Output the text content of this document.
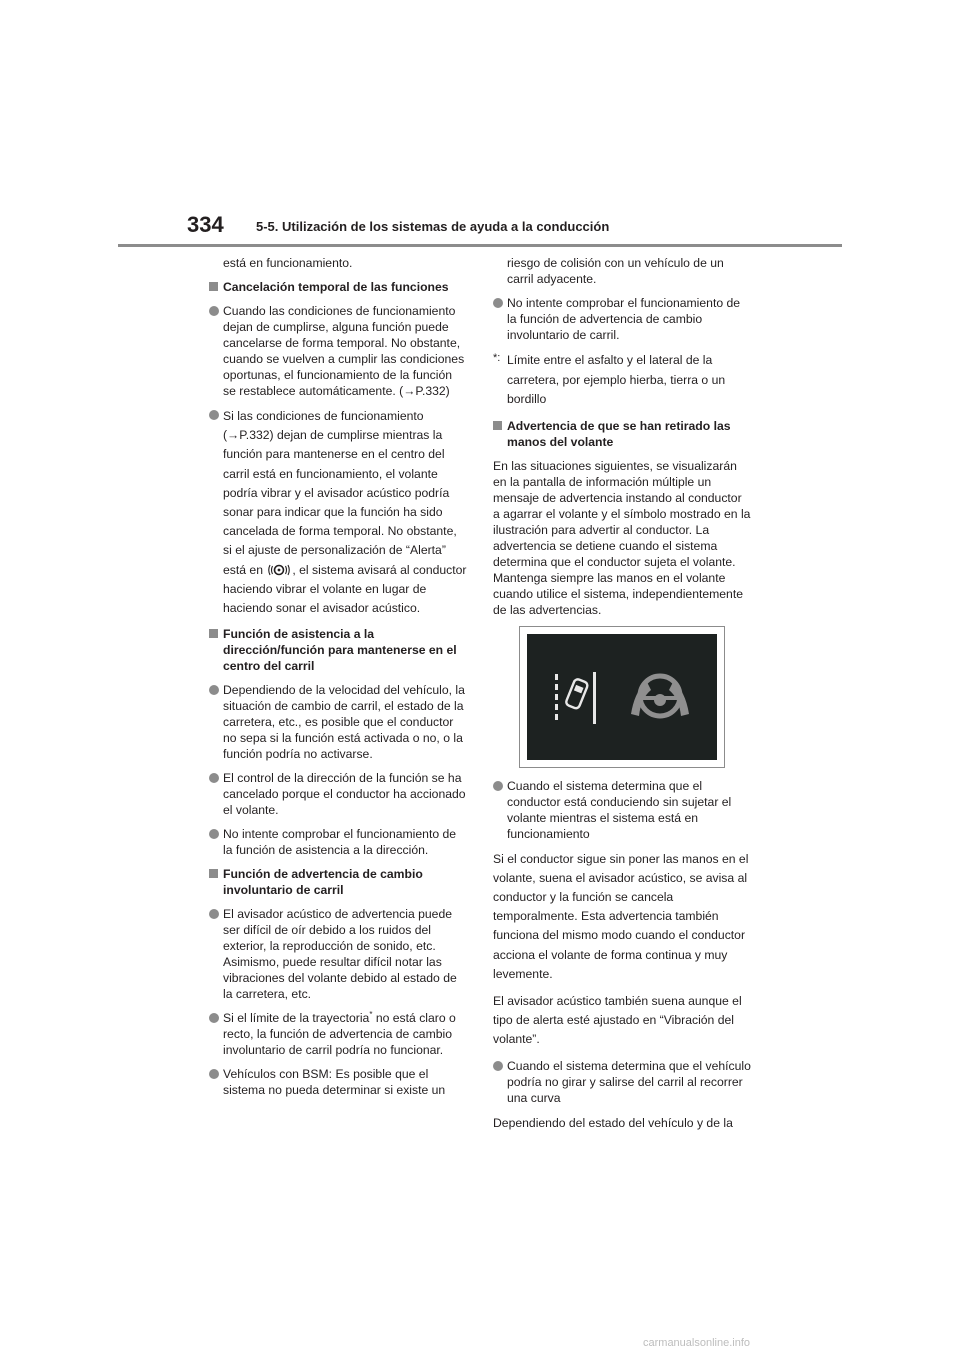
334 5-5. Utilización de los sistemas de ayuda a la conducción

está en funcionamiento.

Cancelación temporal de las funciones
Cuando las condiciones de funcionamiento dejan de cumplirse, alguna función puede cancelarse de forma temporal. No obstante, cuando se vuelven a cumplir las condiciones oportunas, el funcionamiento de la función se restablece automáticamente. (→P.332)
Si las condiciones de funcionamiento (→P.332) dejan de cumplirse mientras la función para mantenerse en el centro del carril está en funcionamiento, el volante podría vibrar y el avisador acústico podría sonar para indicar que la función ha sido cancelada de forma temporal. No obstante, si el ajuste de personalización de “Alerta” está en , el sistema avisará al conductor haciendo vibrar el volante en lugar de haciendo sonar el avisador acústico.
Función de asistencia a la dirección/función para mantenerse en el centro del carril
Dependiendo de la velocidad del vehículo, la situación de cambio de carril, el estado de la carretera, etc., es posible que el conductor no sepa si la función está activada o no, o la función podría no activarse.
El control de la dirección de la función se ha cancelado porque el conductor ha accionado el volante.
No intente comprobar el funcionamiento de la función de asistencia a la dirección.
Función de advertencia de cambio involuntario de carril
El avisador acústico de advertencia puede ser difícil de oír debido a los ruidos del exterior, la reproducción de sonido, etc. Asimismo, puede resultar difícil notar las vibraciones del volante debido al estado de la carretera, etc.
Si el límite de la trayectoria* no está claro o recto, la función de advertencia de cambio involuntario de carril podría no funcionar.
Vehículos con BSM: Es posible que el sistema no pueda determinar si existe un

riesgo de colisión con un vehículo de un carril adyacente.

No intente comprobar el funcionamiento de la función de advertencia de cambio involuntario de carril.
*: Límite entre el asfalto y el lateral de la carretera, por ejemplo hierba, tierra o un bordillo
Advertencia de que se han retirado las manos del volante

En las situaciones siguientes, se visualizarán en la pantalla de información múltiple un mensaje de advertencia instando al conductor a agarrar el volante y el símbolo mostrado en la ilustración para advertir al conductor. La advertencia se detiene cuando el sistema determina que el conductor sujeta el volante. Mantenga siempre las manos en el volante cuando utilice el sistema, independientemente de las advertencias.

Cuando el sistema determina que el conductor está conduciendo sin sujetar el volante mientras el sistema está en funcionamiento

Si el conductor sigue sin poner las manos en el volante, suena el avisador acústico, se avisa al conductor y la función se cancela temporalmente. Esta advertencia también funciona del mismo modo cuando el conductor acciona el volante de forma continua y muy levemente.

El avisador acústico también suena aunque el tipo de alerta esté ajustado en “Vibración del volante”.

Cuando el sistema determina que el vehículo podría no girar y salirse del carril al recorrer una curva

Dependiendo del estado del vehículo y de la

carmanualsonline.info
